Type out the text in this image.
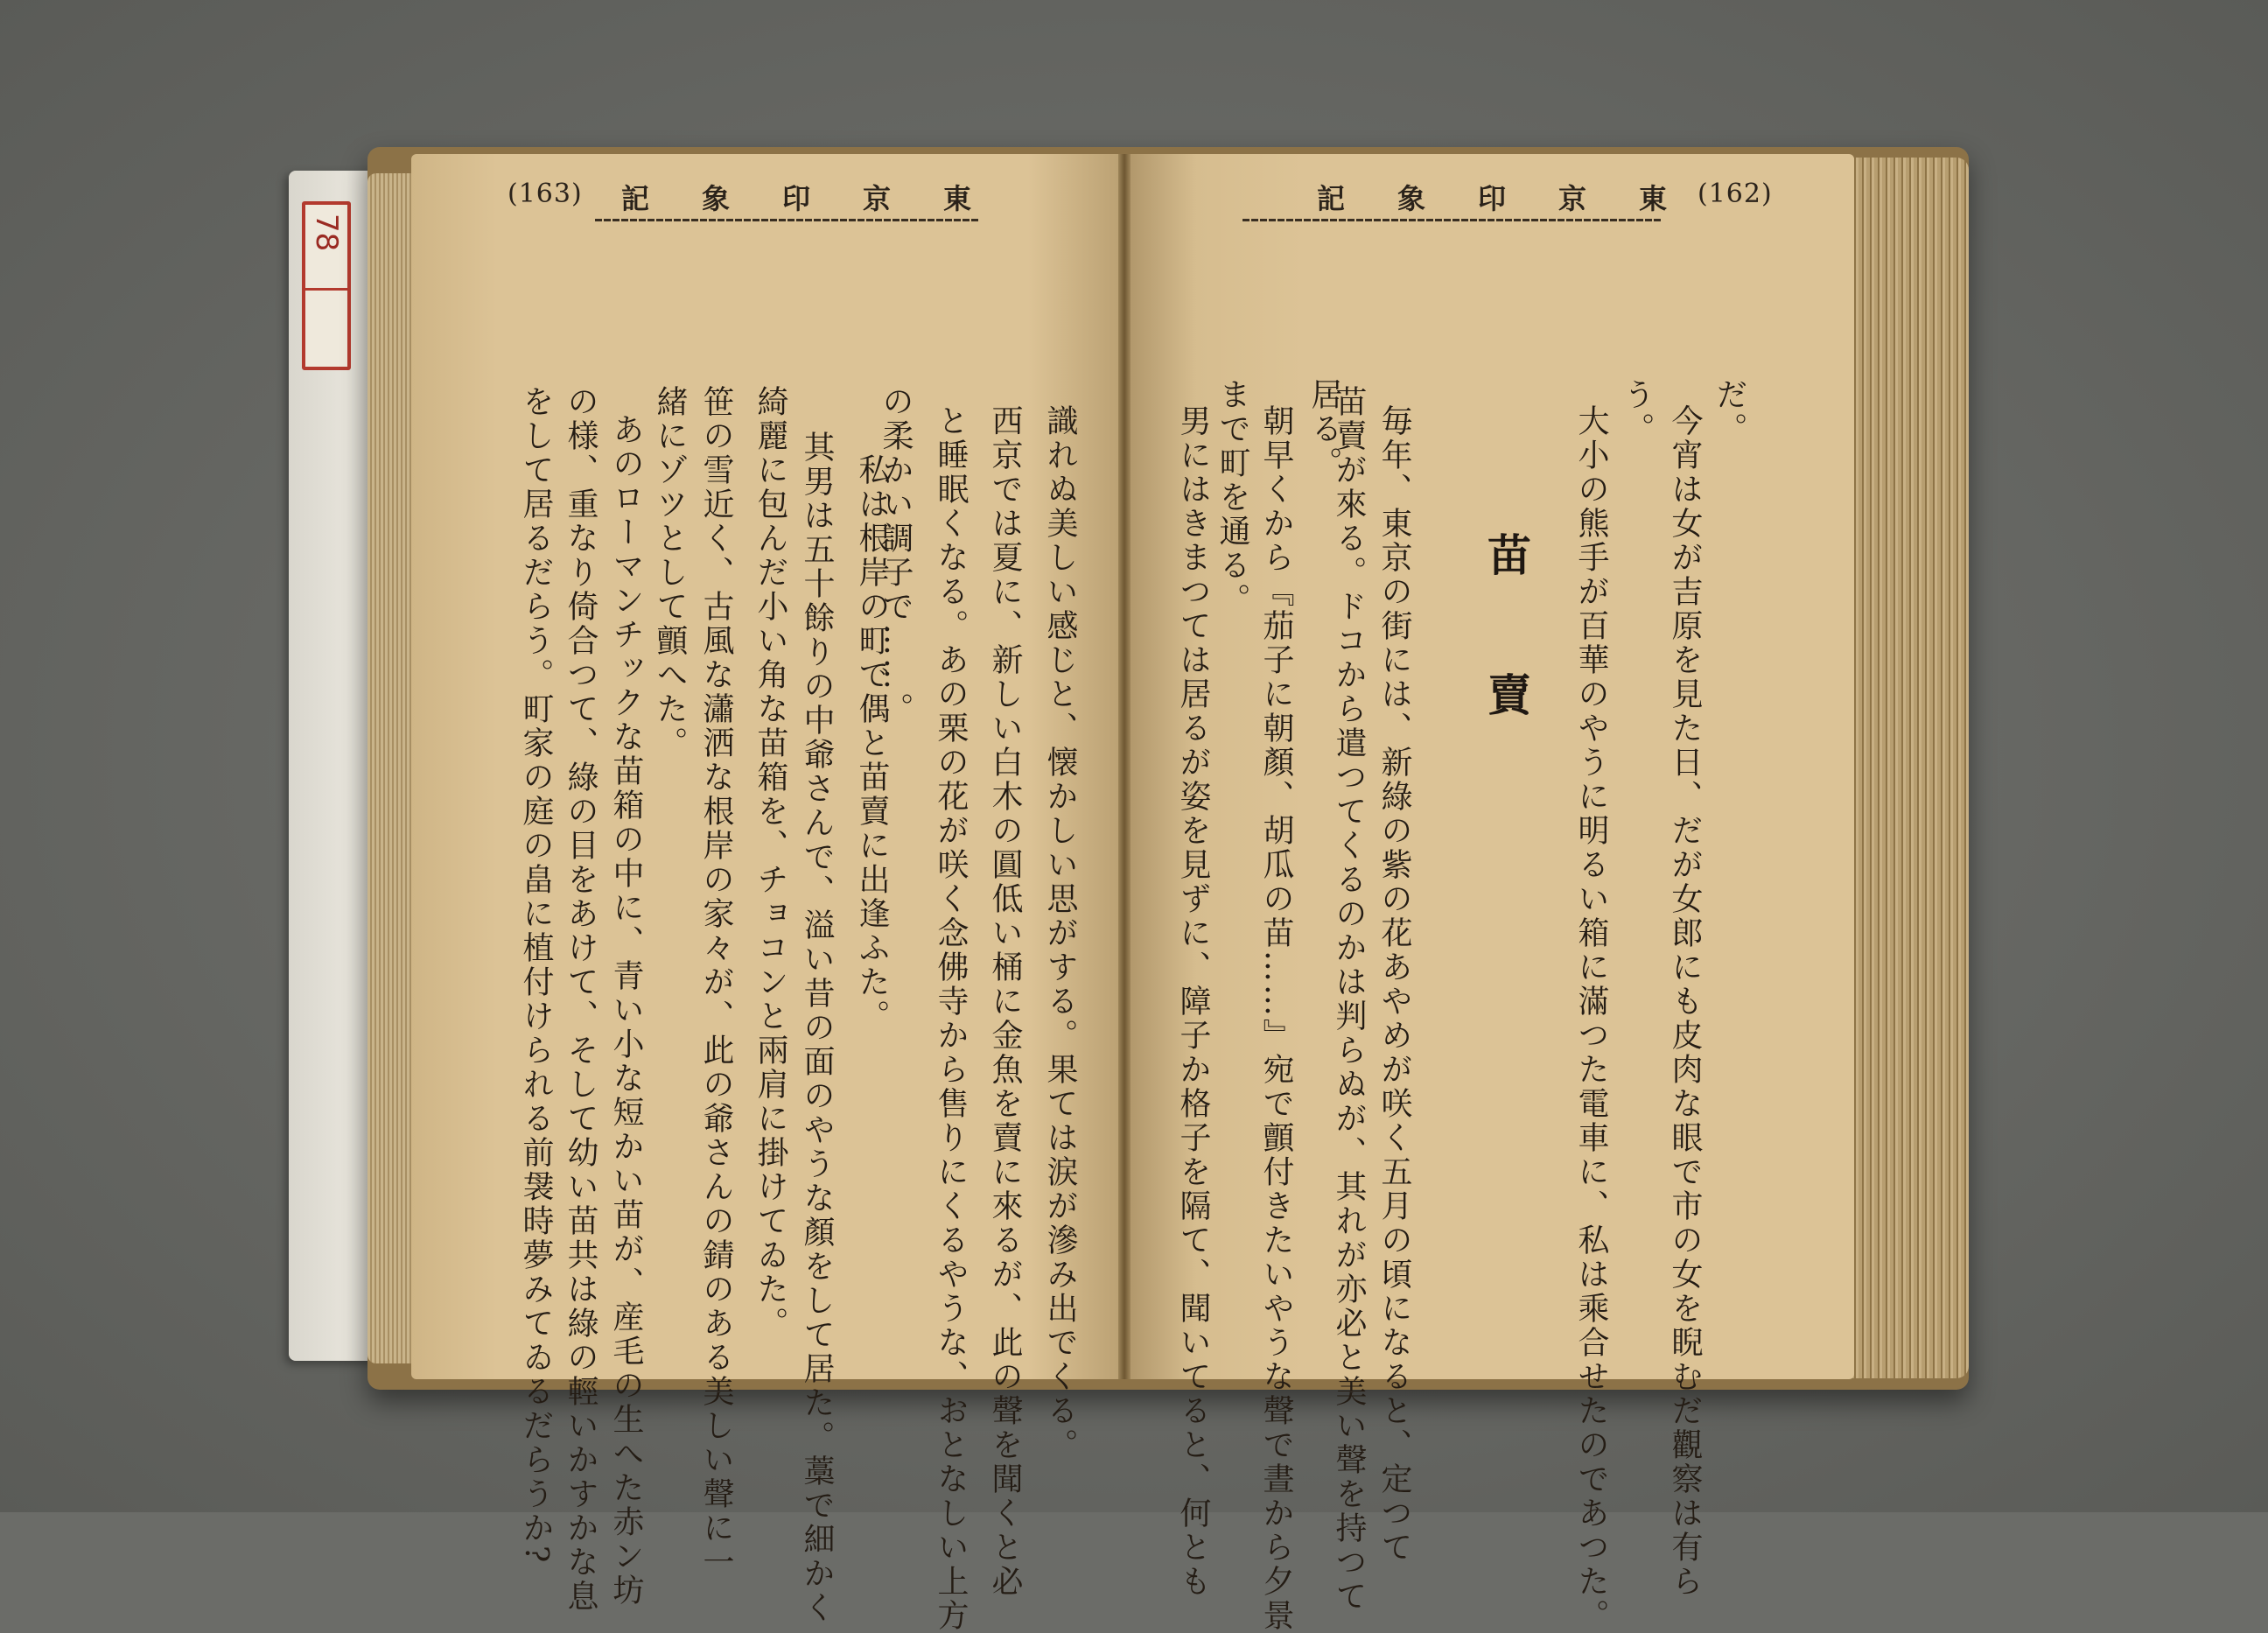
78
(163) 記 象 印 京 東	記 象 印 京 東 (162)
識れぬ美しい感じと、懐かしい思がする。果ては涙が滲み出でくる。
西京では夏に、新しい白木の圓低い桶に金魚を賣に來るが、此の聲を聞くと必
と睡眠くなる。あの栗の花が咲く念佛寺から售りにくるやうな、おとなしい上方
の柔かい調子で……。
私は根岸の町で偶と苗賣に出逢ふた。
其男は五十餘りの中爺さんで、溢い昔の面のやうな顏をして居た。藁で細かく
綺麗に包んだ小い角な苗箱を、チョコンと兩肩に掛けてゐた。
笹の雪近く、古風な瀟洒な根岸の家々が、此の爺さんの錆のある美しい聲に一
緒にゾツとして顫へた。
あのローマンチックな苗箱の中に、青い小な短かい苗が、産毛の生へた赤ン坊
の様、重なり倚合つて、綠の目をあけて、そして幼い苗共は綠の輕いかすかな息
をして居るだらう。町家の庭の畠に植付けられる前袰時夢みてゐるだらうか?	だ。
今宵は女が吉原を見た日、だが女郎にも皮肉な眼で市の女を睨むだ觀察は有ら
う。
大小の熊手が百華のやうに明るい箱に滿つた電車に、私は乘合せたのであつた。
苗賣
毎年、東京の街には、新綠の紫の花あやめが咲く五月の頃になると、定つて
苗賣が來る。ドコから遣つてくるのかは判らぬが、其れが亦必と美い聲を持つて
居る。
朝早くから『茄子に朝顏、胡瓜の苗……』宛で顫付きたいやうな聲で晝から夕景
まで町を通る。
男にはきまつては居るが姿を見ずに、障子か格子を隔て、聞いてると、何とも
